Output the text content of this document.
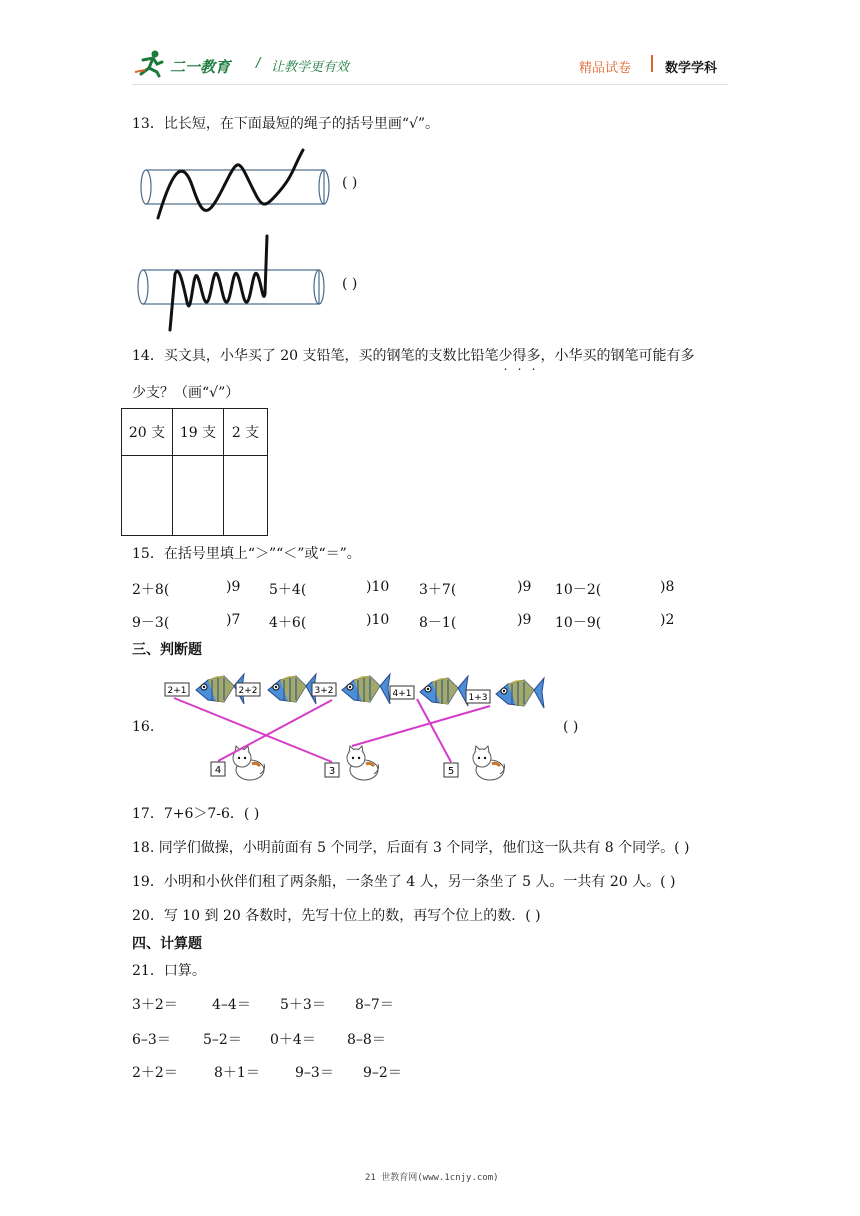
二一教育 / 让教学更有效	精品试卷	数学学科
13．比长短，在下面最短的绳子的括号里画“√”。
( )
( )
14．买文具，小华买了 20 支铅笔，买的钢笔的支数比铅笔少得多，小华买的钢笔可能有多
少支？（画“√”）
20 支	19 支	2 支

15．在括号里填上“＞”“＜”或“＝”。
2＋8(	)9 5＋4(	)10 3＋7(	)9 10－2(	)8
9－3(	)7 4＋6(	)10 8－1(	)9 10－9(	)2
三、判断题
16.
2+1	2+2	3+2	4+1	1+3
4	3	5
( )
17．7+6＞7-6．( )
18. 同学们做操，小明前面有 5 个同学，后面有 3 个同学，他们这一队共有 8 个同学。( )
19．小明和小伙伴们租了两条船，一条坐了 4 人，另一条坐了 5 人。一共有 20 人。( )
20．写 10 到 20 各数时，先写十位上的数，再写个位上的数．( )
四、计算题
21．口算。
3＋2＝ 4–4＝ 5＋3＝ 8–7＝
6–3＝ 5–2＝ 0＋4＝ 8–8＝
2＋2＝	8＋1＝	9–3＝ 9–2＝
21 世教育网(www.1cnjy.com)
